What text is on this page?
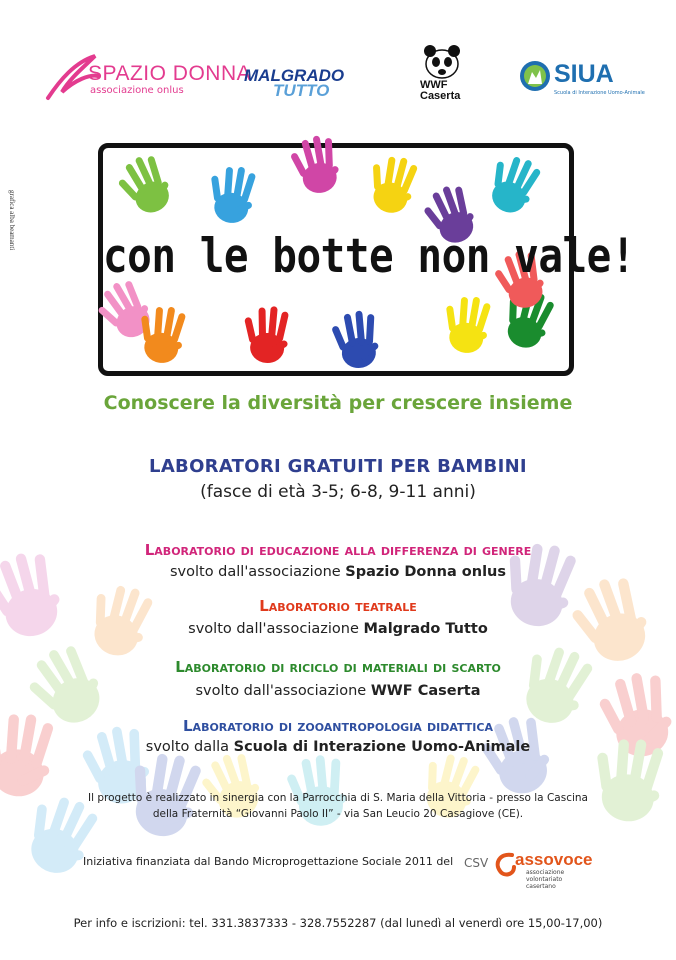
SPAZIO DONNA
associazione onlus
MALGRADO
TUTTO	WWF
Caserta
SIUA
Scuola di Interazione Uomo-Animale
grafica alba beamanti
con le botte non vale!
Conoscere la diversità per crescere insieme
LABORATORI GRATUITI PER BAMBINI
(fasce di età 3-5; 6-8, 9-11 anni)
Laboratorio di educazione alla differenza di genere
svolto dall'associazione Spazio Donna onlus
Laboratorio teatrale
svolto dall'associazione Malgrado Tutto
Laboratorio di riciclo di materiali di scarto
svolto dall'associazione WWF Caserta
Laboratorio di zooantropologia didattica
svolto dalla Scuola di Interazione Uomo-Animale
Il progetto è realizzato in sinergia con la Parrocchia di S. Maria della Vittoria - presso la Cascina
della Fraternità “Giovanni Paolo II” - via San Leucio 20 Casagiove (CE).
Iniziativa finanziata dal Bando Microprogettazione Sociale 2011 del CSV assovoce
associazione
volontariato
casertano
Per info e iscrizioni: tel. 331.3837333 - 328.7552287 (dal lunedì al venerdì ore 15,00-17,00)
